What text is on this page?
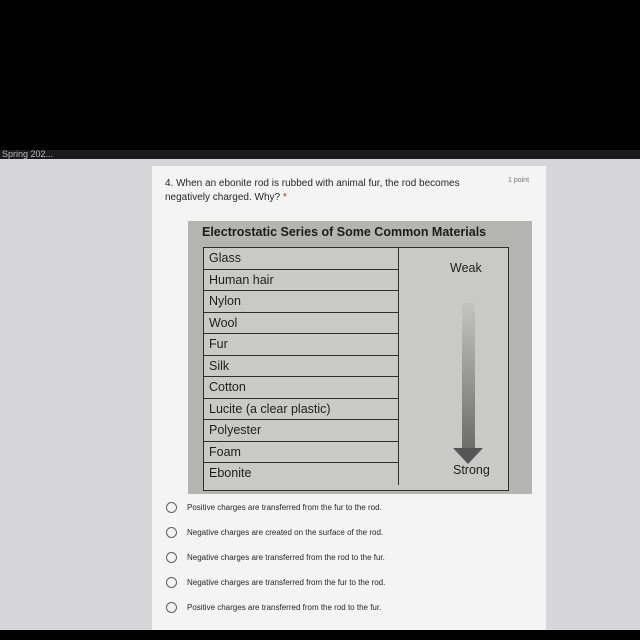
Spring 202...
4. When an ebonite rod is rubbed with animal fur, the rod becomes negatively charged. Why? *
1 point
Electrostatic Series of Some Common Materials
Glass
Human hair
Nylon
Wool
Fur
Silk
Cotton
Lucite (a clear plastic)
Polyester
Foam
Ebonite
Weak
Strong
Positive charges are transferred from the fur to the rod.
Negative charges are created on the surface of the rod.
Negative charges are transferred from the rod to the fur.
Negative charges are transferred from the fur to the rod.
Positive charges are transferred from the rod to the fur.
